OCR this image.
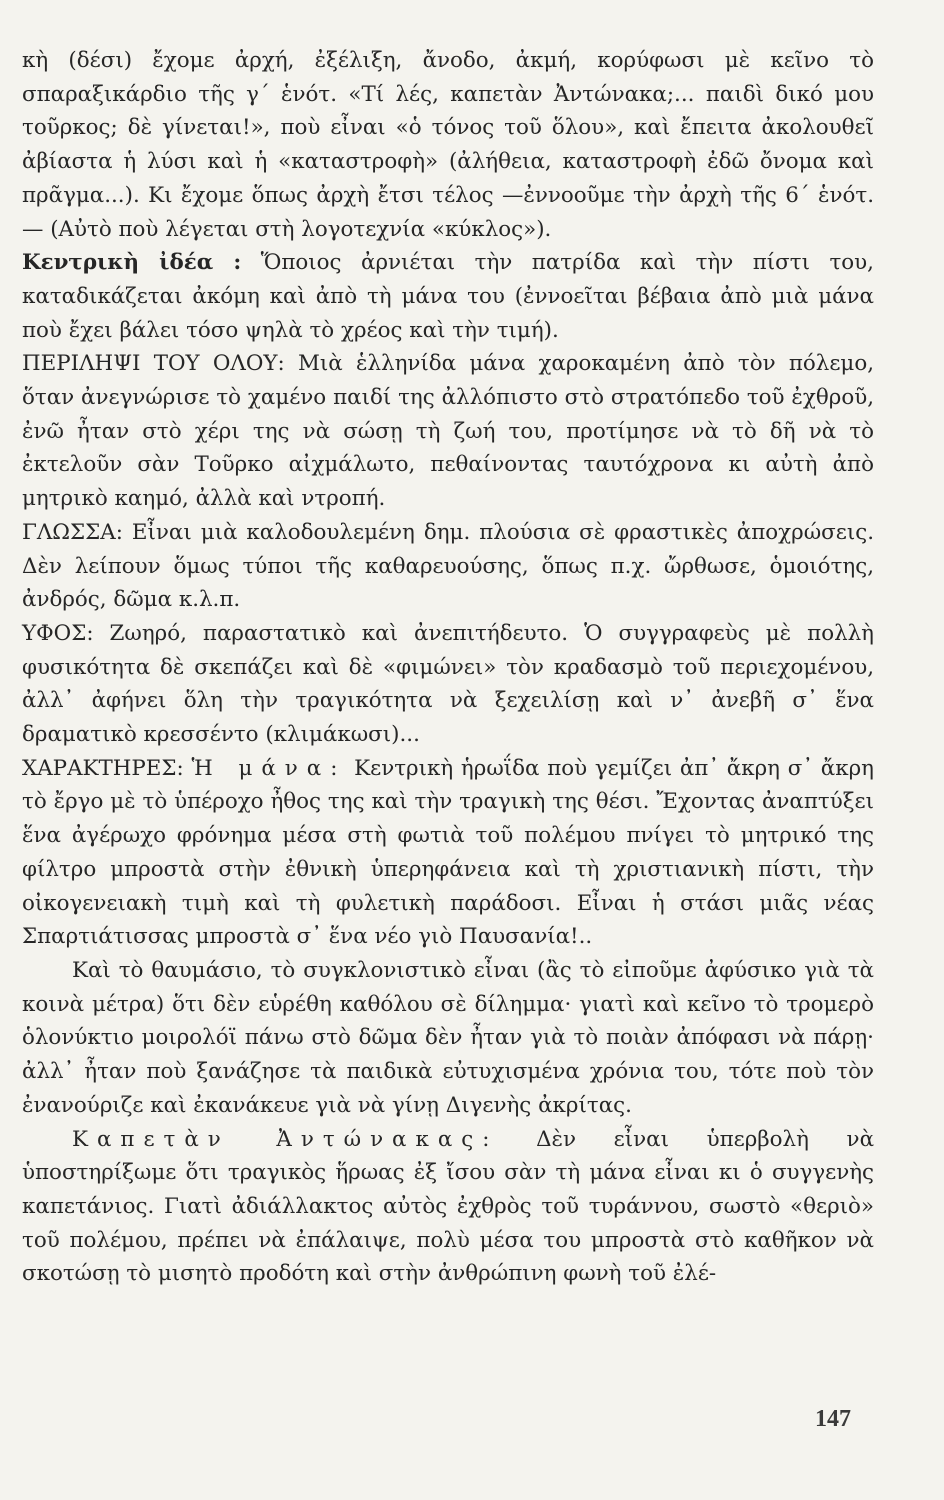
κὴ (δέσι) ἔχομε ἀρχή, ἐξέλιξη, ἄνοδο, ἀκμή, κορύφωσι μὲ κεῖνο τὸ σπαραξικάρδιο τῆς γ΄ ἑνότ. «Τί λές, καπετὰν Ἀντώνακα;... παιδὶ δικό μου τοῦρκος; δὲ γίνεται!», ποὺ εἶναι «ὁ τόνος τοῦ ὅλου», καὶ ἔπειτα ἀκολουθεῖ ἀβίαστα ἡ λύσι καὶ ἡ «καταστροφὴ» (ἀλήθεια, καταστροφὴ ἐδῶ ὄνομα καὶ πρᾶγμα...). Κι ἔχομε ὅπως ἀρχὴ ἔτσι τέλος —ἐννοοῦμε τὴν ἀρχὴ τῆς 6΄ ἑνότ.— (Αὐτὸ ποὺ λέγεται στὴ λογοτεχνία «κύκλος»).

Κεντρικὴ ἰδέα : Ὅποιος ἀρνιέται τὴν πατρίδα καὶ τὴν πίστι του, καταδικάζεται ἀκόμη καὶ ἀπὸ τὴ μάνα του (ἐννοεῖται βέβαια ἀπὸ μιὰ μάνα ποὺ ἔχει βάλει τόσο ψηλὰ τὸ χρέος καὶ τὴν τιμή).

ΠΕΡΙΛΗΨΙ ΤΟΥ ΟΛΟΥ: Μιὰ ἑλληνίδα μάνα χαροκαμένη ἀπὸ τὸν πόλεμο, ὅταν ἀνεγνώρισε τὸ χαμένο παιδί της ἀλλόπιστο στὸ στρατόπεδο τοῦ ἐχθροῦ, ἐνῶ ἦταν στὸ χέρι της νὰ σώσῃ τὴ ζωή του, προτίμησε νὰ τὸ δῆ νὰ τὸ ἐκτελοῦν σὰν Τοῦρκο αἰχμάλωτο, πεθαίνοντας ταυτόχρονα κι αὐτὴ ἀπὸ μητρικὸ καημό, ἀλλὰ καὶ ντροπή.

ΓΛΩΣΣΑ: Εἶναι μιὰ καλοδουλεμένη δημ. πλούσια σὲ φραστικὲς ἀποχρώσεις. Δὲν λείπουν ὅμως τύποι τῆς καθαρευούσης, ὅπως π.χ. ὤρθωσε, ὁμοιότης, ἀνδρός, δῶμα κ.λ.π.

ΥΦΟΣ: Ζωηρό, παραστατικὸ καὶ ἀνεπιτήδευτο. Ὁ συγγραφεὺς μὲ πολλὴ φυσικότητα δὲ σκεπάζει καὶ δὲ «φιμώνει» τὸν κραδασμὸ τοῦ περιεχομένου, ἀλλ᾽ ἀφήνει ὅλη τὴν τραγικότητα νὰ ξεχειλίσῃ καὶ ν᾽ ἀνεβῆ σ᾽ ἕνα δραματικὸ κρεσσέντο (κλιμάκωσι)...

ΧΑΡΑΚΤΗΡΕΣ: Ἡ μάνα: Κεντρικὴ ἡρωΐδα ποὺ γεμίζει ἀπ᾽ ἄκρη σ᾽ ἄκρη τὸ ἔργο μὲ τὸ ὑπέροχο ἦθος της καὶ τὴν τραγικὴ της θέσι. Ἔχοντας ἀναπτύξει ἕνα ἀγέρωχο φρόνημα μέσα στὴ φωτιὰ τοῦ πολέμου πνίγει τὸ μητρικό της φίλτρο μπροστὰ στὴν ἐθνικὴ ὑπερηφάνεια καὶ τὴ χριστιανικὴ πίστι, τὴν οἰκογενειακὴ τιμὴ καὶ τὴ φυλετικὴ παράδοσι. Εἶναι ἡ στάσι μιᾶς νέας Σπαρτιάτισσας μπροστὰ σ᾽ ἕνα νέο γιὸ Παυσανία!..

Καὶ τὸ θαυμάσιο, τὸ συγκλονιστικὸ εἶναι (ἂς τὸ εἰποῦμε ἀφύσικο γιὰ τὰ κοινὰ μέτρα) ὅτι δὲν εὑρέθη καθόλου σὲ δίλημμα· γιατὶ καὶ κεῖνο τὸ τρομερὸ ὁλονύκτιο μοιρολόϊ πάνω στὸ δῶμα δὲν ἦταν γιὰ τὸ ποιὰν ἀπόφασι νὰ πάρῃ· ἀλλ᾽ ἦταν ποὺ ξανάζησε τὰ παιδικὰ εὐτυχισμένα χρόνια του, τότε ποὺ τὸν ἐνανούριζε καὶ ἐκανάκευε γιὰ νὰ γίνῃ Διγενὴς ἀκρίτας.

Καπετὰν Ἀντώνακας: Δὲν εἶναι ὑπερβολὴ νὰ ὑποστηρίξωμε ὅτι τραγικὸς ἥρωας ἐξ ἴσου σὰν τὴ μάνα εἶναι κι ὁ συγγενὴς καπετάνιος. Γιατὶ ἀδιάλλακτος αὐτὸς ἐχθρὸς τοῦ τυράννου, σωστὸ «θεριὸ» τοῦ πολέμου, πρέπει νὰ ἐπάλαιψε, πολὺ μέσα του μπροστὰ στὸ καθῆκον νὰ σκοτώσῃ τὸ μισητὸ προδότη καὶ στὴν ἀνθρώπινη φωνὴ τοῦ ἐλέ-

147
